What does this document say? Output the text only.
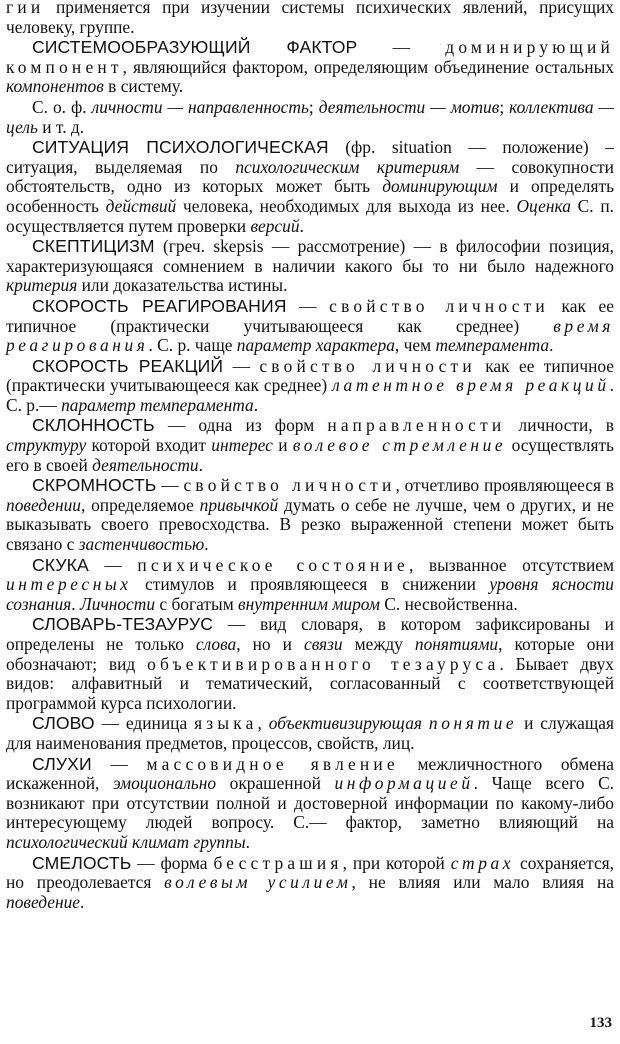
гии применяется при изучении системы психических явлений, присущих человеку, группе.

СИСТЕМООБРАЗУЮЩИЙ ФАКТОР — доминирующий компонент, являющийся фактором, определяющим объединение остальных компонентов в систему.

С. о. ф. личности — направленность; деятельности — мотив; коллектива — цель и т. д.

СИТУАЦИЯ ПСИХОЛОГИЧЕСКАЯ (фр. situation — положение) – ситуация, выделяемая по психологическим критериям — совокупности обстоятельств, одно из которых может быть доминирующим и определять особенность действий человека, необходимых для выхода из нее. Оценка С. п. осуществляется путем проверки версий.

СКЕПТИЦИЗМ (греч. skepsis — рассмотрение) — в философии позиция, характеризующаяся сомнением в наличии какого бы то ни было надежного критерия или доказательства истины.

СКОРОСТЬ РЕАГИРОВАНИЯ — свойство личности как ее типичное (практически учитывающееся как среднее) время реагирования. С. р. чаще параметр характера, чем темперамента.

СКОРОСТЬ РЕАКЦИЙ — свойство личности как ее типичное (практически учитывающееся как среднее) латентное время реакций. С. р.— параметр темперамента.

СКЛОННОСТЬ — одна из форм направленности личности, в структуру которой входит интерес и волевое стремление осуществлять его в своей деятельности.

СКРОМНОСТЬ — свойство личности, отчетливо проявляющееся в поведении, определяемое привычкой думать о себе не лучше, чем о других, и не выказывать своего превосходства. В резко выраженной степени может быть связано с застенчивостью.

СКУКА — психическое состояние, вызванное отсутствием интересных стимулов и проявляющееся в снижении уровня ясности сознания. Личности с богатым внутренним миром С. несвойственна.

СЛОВАРЬ-ТЕЗАУРУС — вид словаря, в котором зафиксированы и определены не только слова, но и связи между понятиями, которые они обозначают; вид объективированного тезауруса. Бывает двух видов: алфавитный и тематический, согласованный с соответствующей программой курса психологии.

СЛОВО — единица языка, объективизирующая понятие и служащая для наименования предметов, процессов, свойств, лиц.

СЛУХИ — массовидное явление межличностного обмена искаженной, эмоционально окрашенной информацией. Чаще всего С. возникают при отсутствии полной и достоверной информации по какому-либо интересующему людей вопросу. С.— фактор, заметно влияющий на психологический климат группы.

СМЕЛОСТЬ — форма бесстрашия, при которой страх сохраняется, но преодолевается волевым усилием, не влияя или мало влияя на поведение.

133
